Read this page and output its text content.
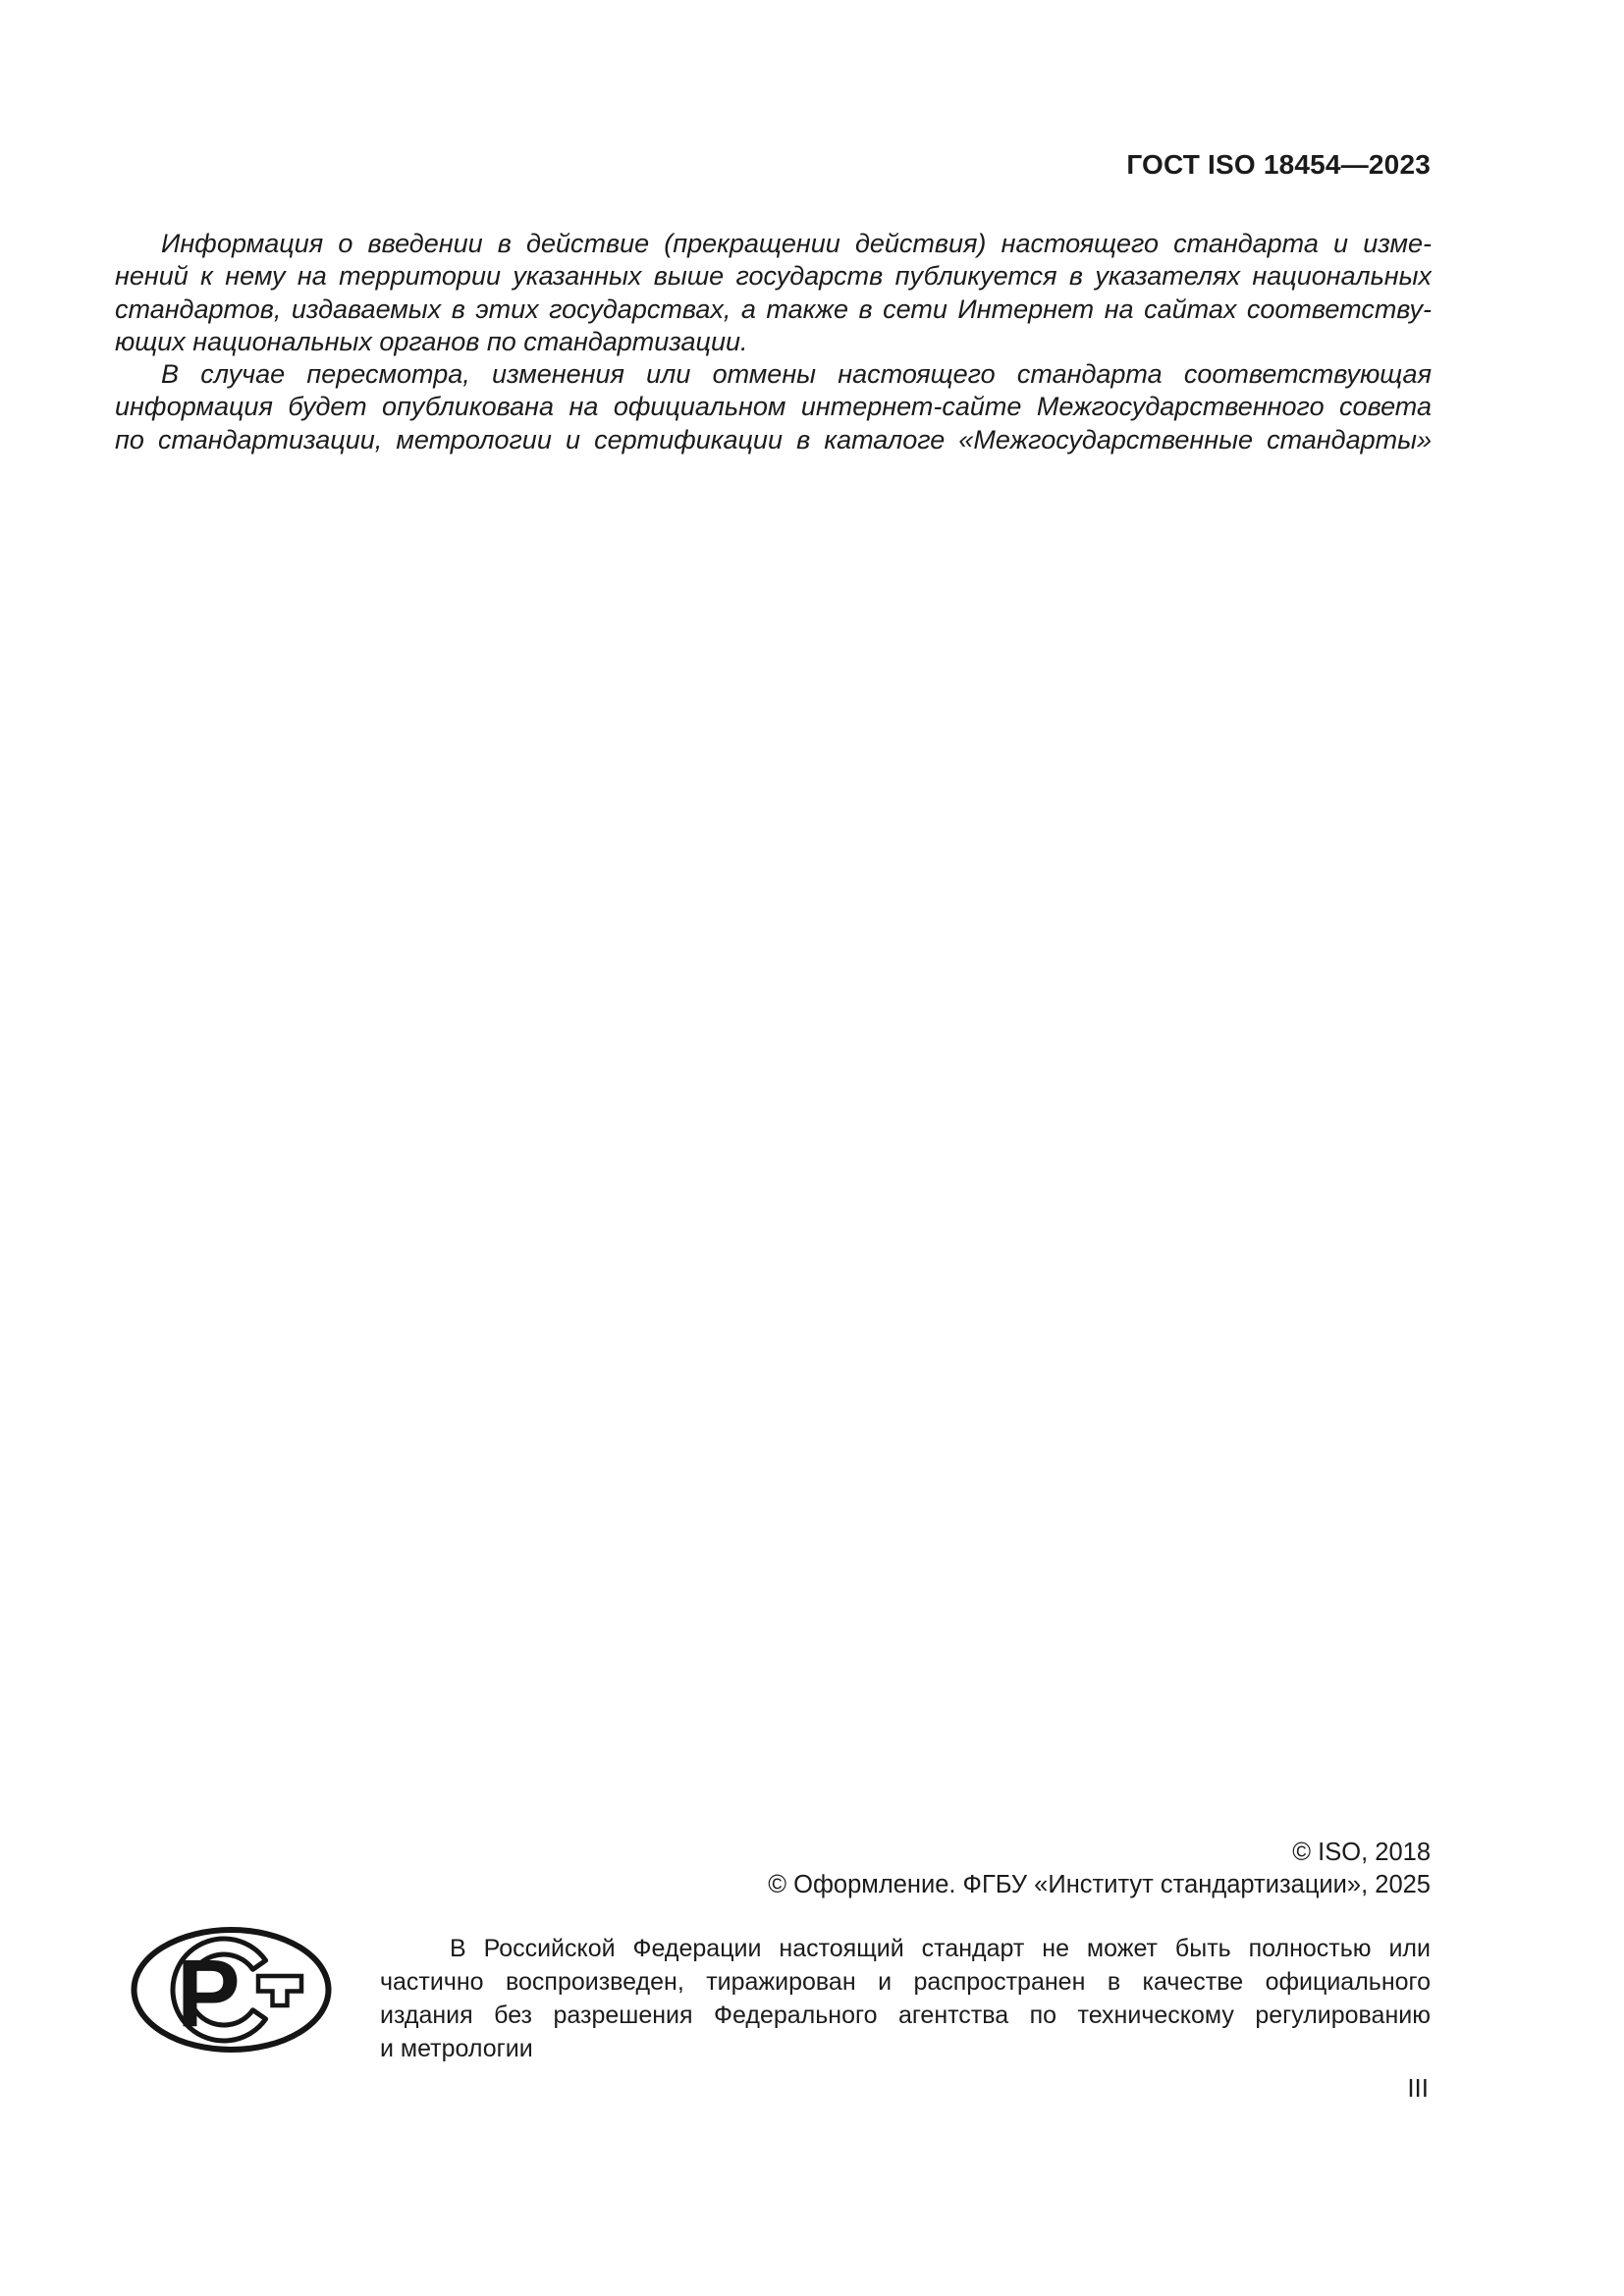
ГОСТ ISO 18454—2023
Информация о введении в действие (прекращении действия) настоящего стандарта и изме-
нений к нему на территории указанных выше государств публикуется в указателях национальных
стандартов, издаваемых в этих государствах, а также в сети Интернет на сайтах соответству-
ющих национальных органов по стандартизации.
В случае пересмотра, изменения или отмены настоящего стандарта соответствующая
информация будет опубликована на официальном интернет-сайте Межгосударственного совета
по стандартизации, метрологии и сертификации в каталоге «Межгосударственные стандарты»
© ISO, 2018
© Оформление. ФГБУ «Институт стандартизации», 2025
Р	В Российской Федерации настоящий стандарт не может быть полностью или
частично воспроизведен, тиражирован и распространен в качестве официального
издания без разрешения Федерального агентства по техническому регулированию
и метрологии
III
